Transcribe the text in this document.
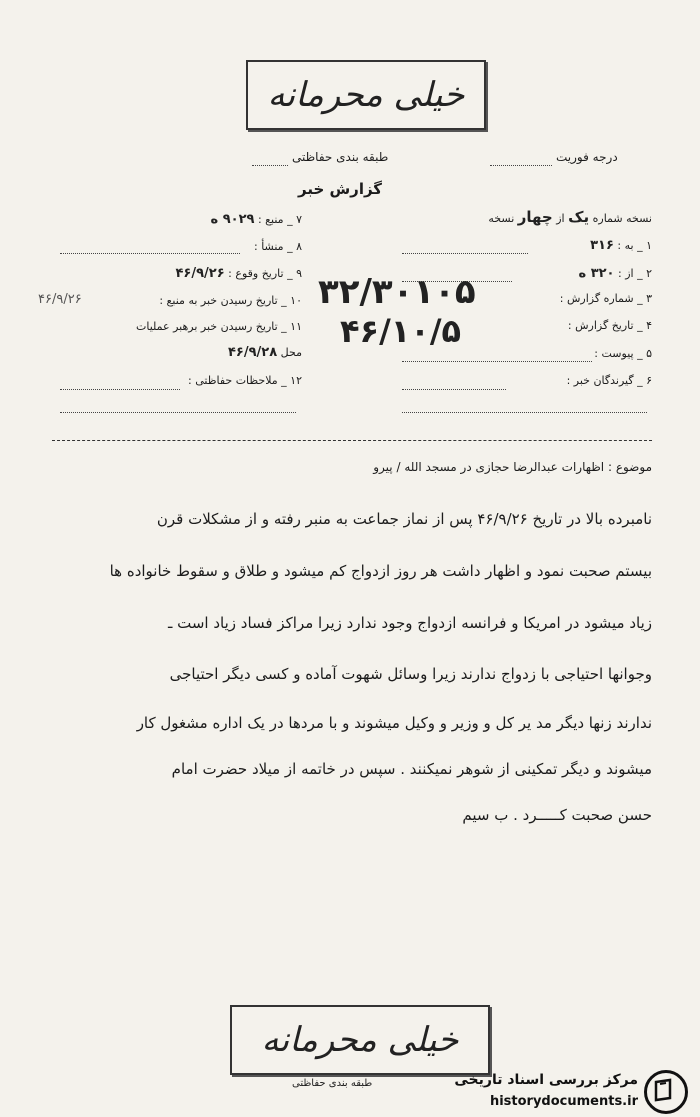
خیلی محرمانه
درجه فوریت
طبقه بندی حفاظتی
گزارش خبر
نسخه شماره یک از چهار نسخه
۱ _ به : ۳۱۶
۲ _ از : ۳۲۰ ه
۳ _ شماره گزارش :
۴ _ تاریخ گزارش :
۵ _ پیوست :
۶ _ گیرندگان خبر :
۳۲/۳۰۱۰۵
۴۶/۱۰/۵
۷ _ منبع : ۹۰۲۹ ه
۸ _ منشأ :
۹ _ تاریخ وقوع : ۴۶/۹/۲۶
۱۰ _ تاریخ رسیدن خبر به منبع :
۴۶/۹/۲۶
۱۱ _ تاریخ رسیدن خبر برهبر عملیات
محل ۴۶/۹/۲۸
۱۲ _ ملاحظات حفاظتی :
موضوع : اظهارات عبدالرضا حجازی در مسجد الله / پیرو
نامبرده بالا در تاریخ ۴۶/۹/۲۶ پس از نماز جماعت به منبر رفته و از مشکلات قرن
بیستم صحبت نمود و اظهار داشت هر روز ازدواج کم میشود و طلاق و سقوط خانواده ها
زیاد میشود در امریکا و فرانسه ازدواج وجود ندارد زیرا مراکز فساد زیاد است ـ
وجوانها احتیاجی با زدواج ندارند زیرا وسائل شهوت آماده و کسی دیگر احتیاجی
ندارند زنها دیگر مد یر کل و وزیر و وکیل میشوند و با مردها در یک اداره مشغول کار
میشوند و دیگر تمکینی از شوهر نمیکنند . سپس در خاتمه از میلاد حضرت امام
حسن صحبت کـــــرد . ب سیم
خیلی محرمانه
طبقه بندی حفاظتی	مرکز بررسی اسناد تاریخی
historydocuments.ir
